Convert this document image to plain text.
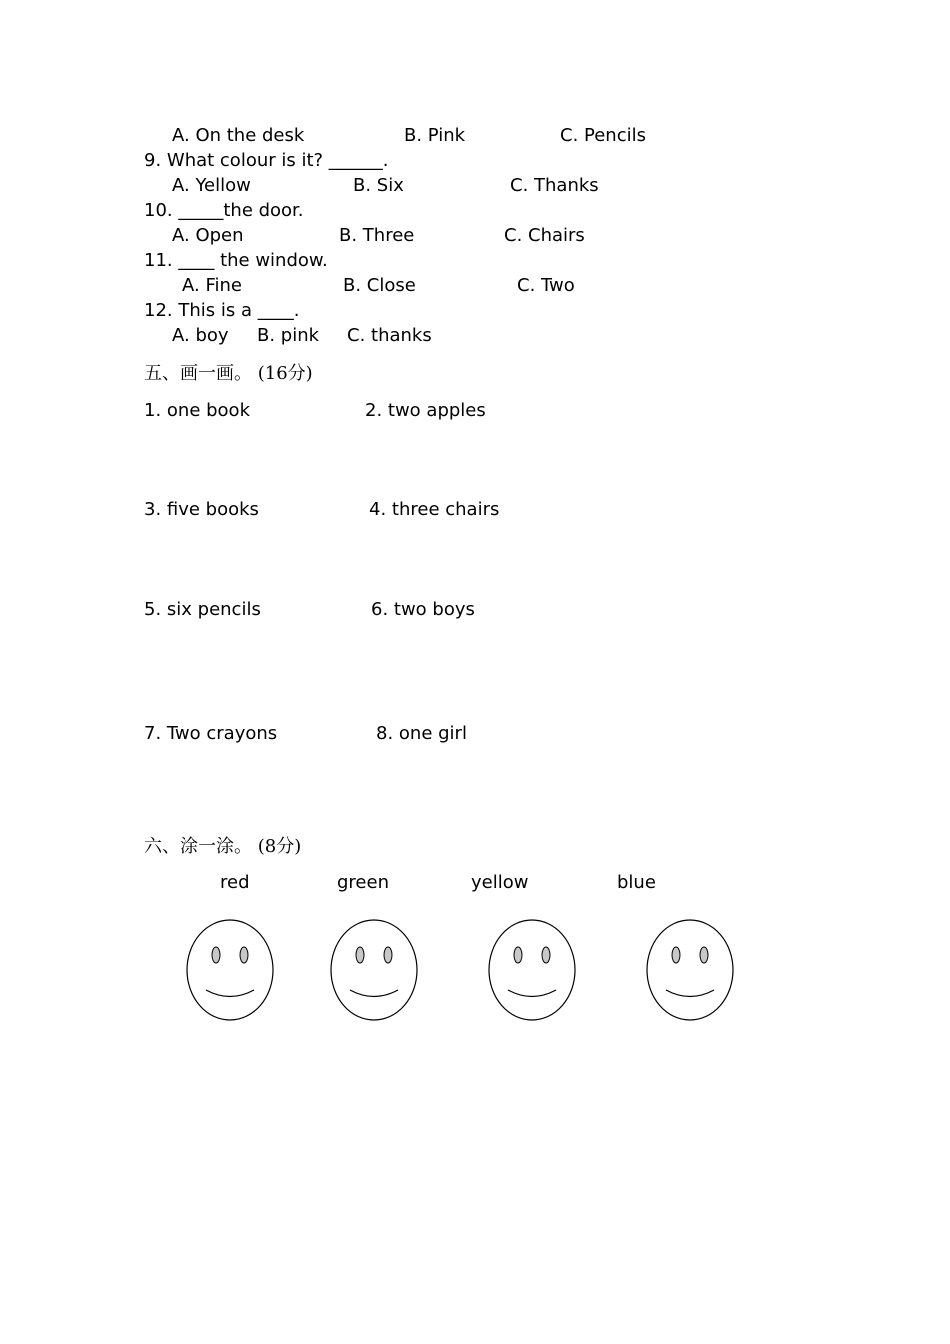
A. On the desk	B. Pink	C. Pencils
9. What colour is it? ______.
A. Yellow	B. Six	C. Thanks
10. _____the door.
A. Open	B. Three	C. Chairs
11. ____ the window.
A. Fine	B. Close	C. Two
12. This is a ____.
A. boy B. pink C. thanks
五、画一画。 (16分)
1. one book	2. two apples
3. five books	4. three chairs
5. six pencils	6. two boys
7. Two crayons	8. one girl
六、涂一涂。 (8分)
red	green	yellow	blue
